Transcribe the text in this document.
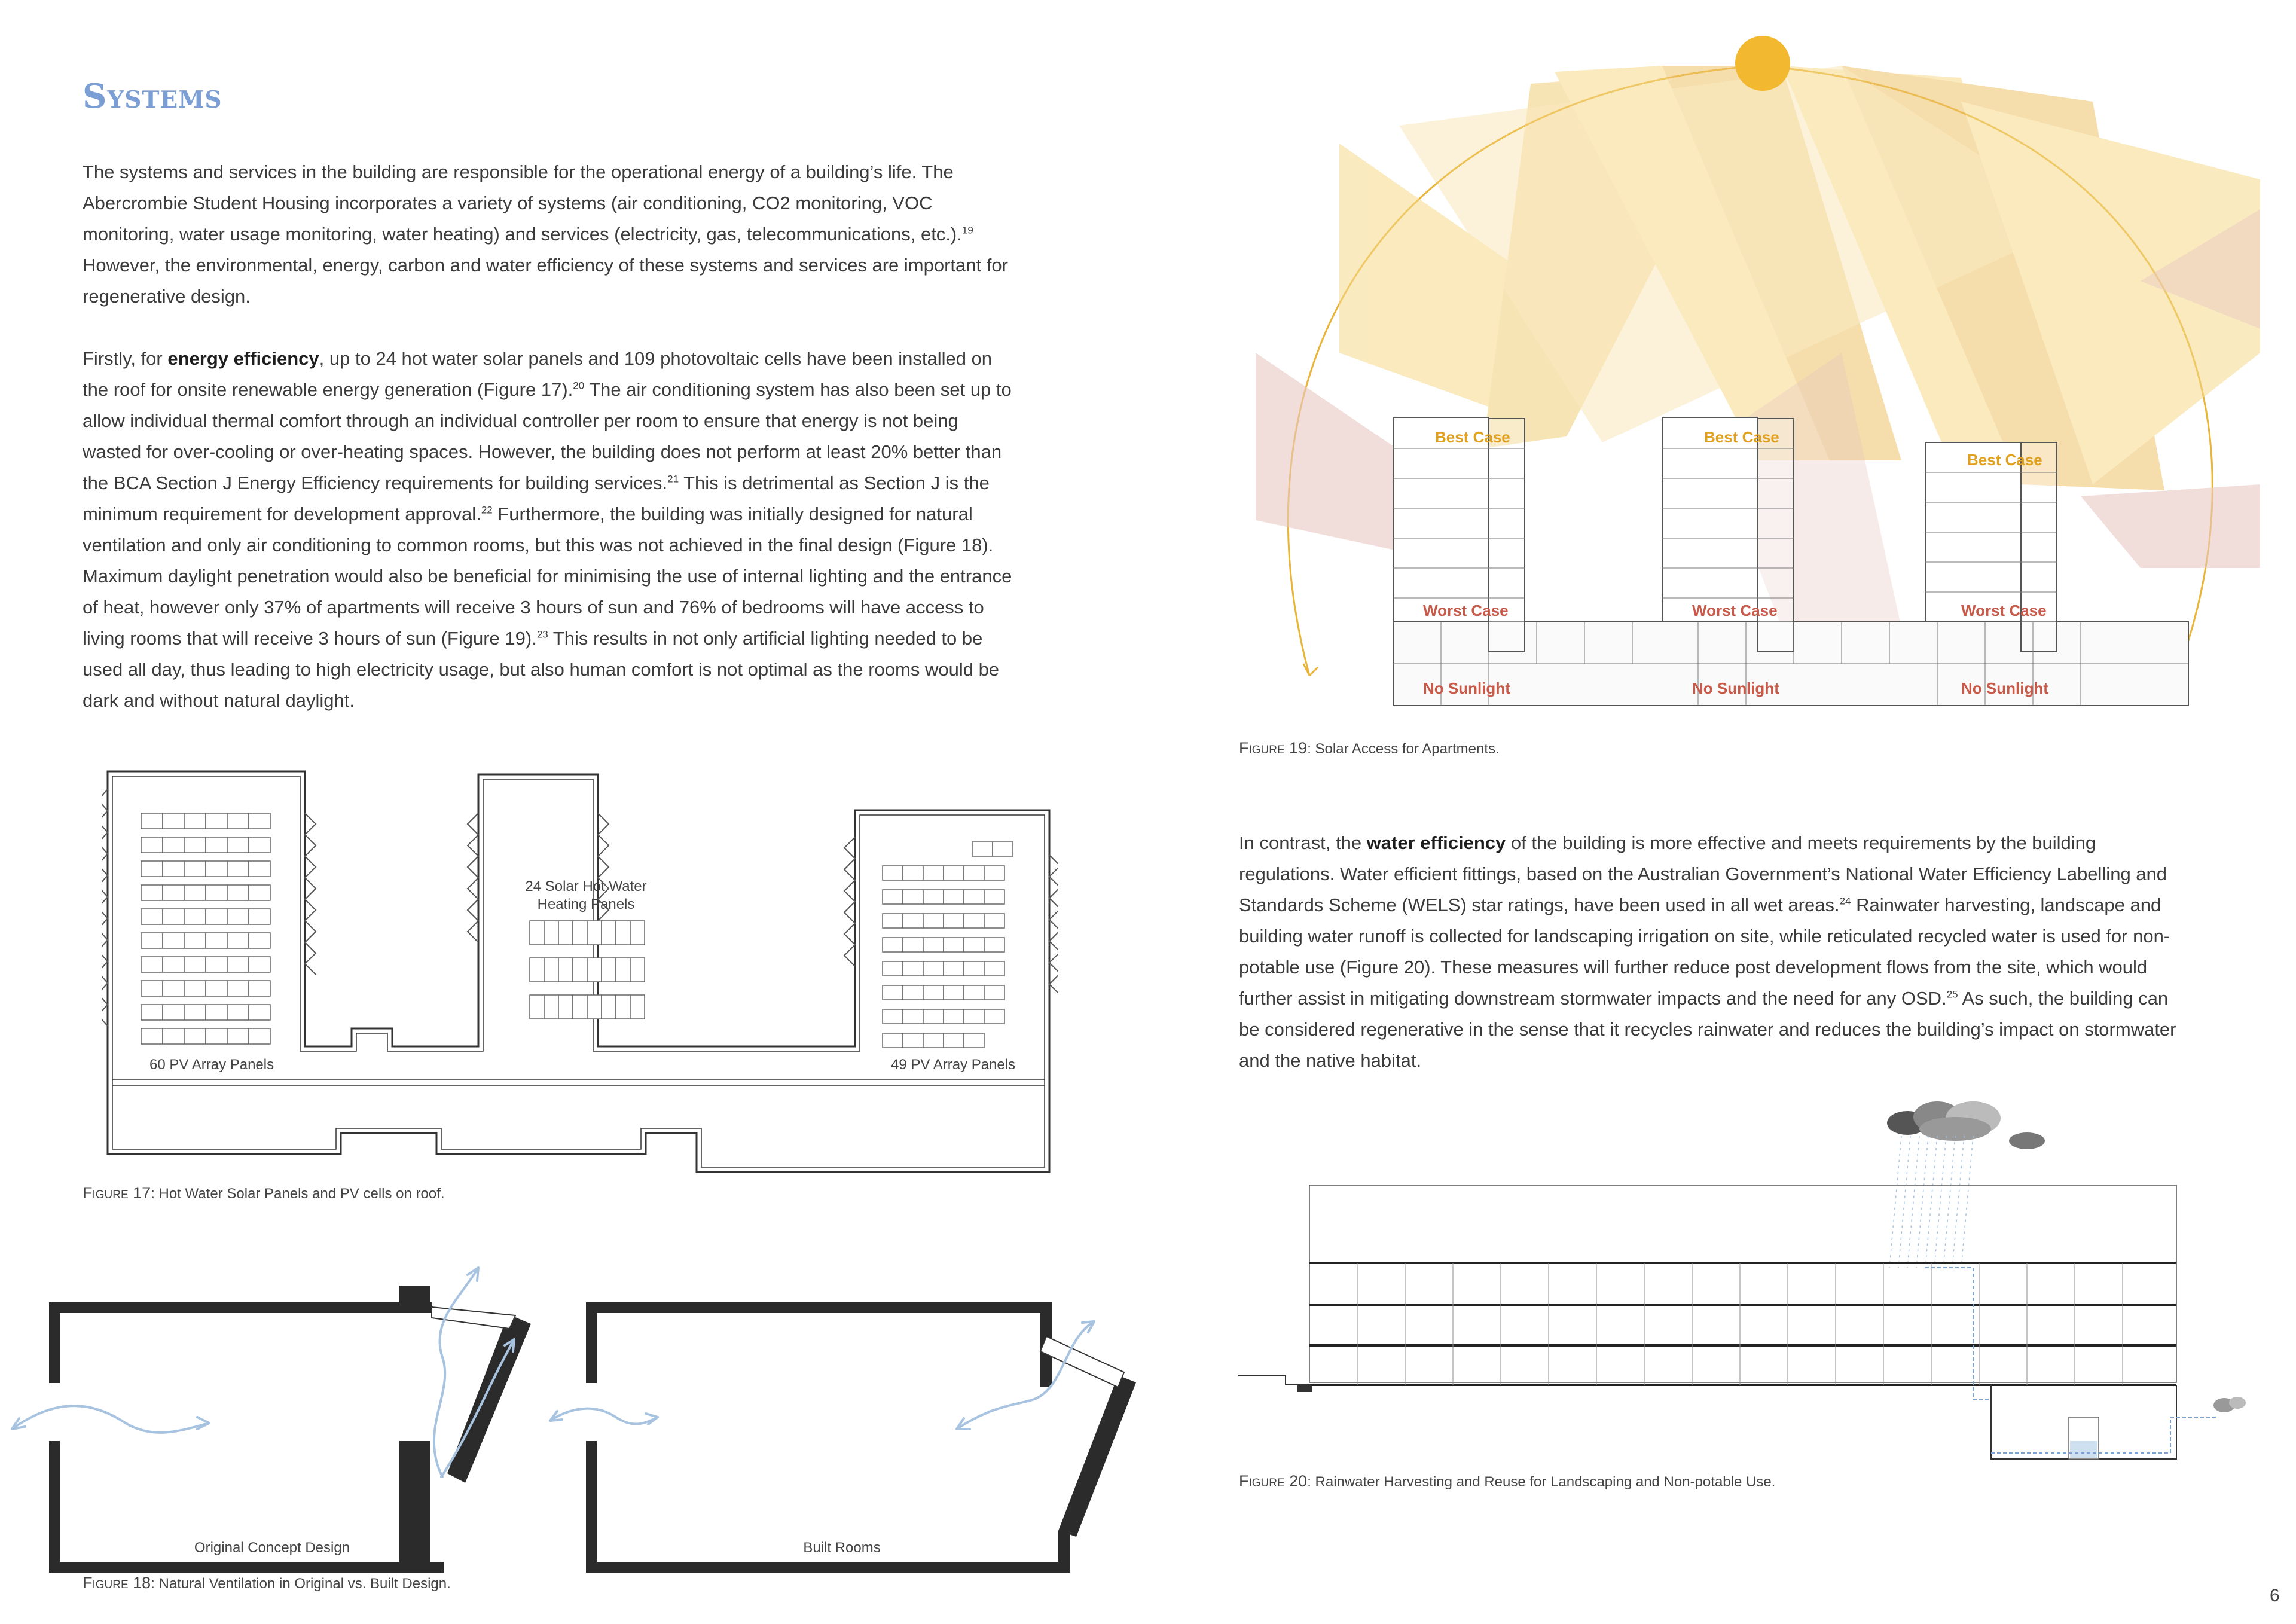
Systems
The systems and services in the building are responsible for the operational energy of a building’s life. The Abercrombie Student Housing incorporates a variety of systems (air conditioning, CO2 monitoring, VOC monitoring, water usage monitoring, water heating) and services (electricity, gas, telecommunications, etc.).$^{19}$ However, the environmental, energy, carbon and water efficiency of these systems and services are important for regenerative design.
Firstly, for energy efficiency, up to 24 hot water solar panels and 109 photovoltaic cells have been installed on the roof for onsite renewable energy generation (Figure 17).$^{20}$ The air conditioning system has also been set up to allow individual thermal comfort through an individual controller per room to ensure that energy is not being wasted for over-cooling or over-heating spaces. However, the building does not perform at least 20% better than the BCA Section J Energy Efficiency requirements for building services.$^{21}$ This is detrimental as Section J is the minimum requirement for development approval.$^{22}$ Furthermore, the building was initially designed for natural ventilation and only air conditioning to common rooms, but this was not achieved in the final design (Figure 18). Maximum daylight penetration would also be beneficial for minimising the use of internal lighting and the entrance of heat, however only 37% of apartments will receive 3 hours of sun and 76% of bedrooms will have access to living rooms that will receive 3 hours of sun (Figure 19).$^{23}$ This results in not only artificial lighting needed to be used all day, thus leading to high electricity usage, but also human comfort is not optimal as the rooms would be dark and without natural daylight.
In contrast, the water efficiency of the building is more effective and meets requirements by the building regulations. Water efficient fittings, based on the Australian Government’s National Water Efficiency Labelling and Standards Scheme (WELS) star ratings, have been used in all wet areas.$^{24}$ Rainwater harvesting, landscape and building water runoff is collected for landscaping irrigation on site, while reticulated recycled water is used for non-potable use (Figure 20). These measures will further reduce post development flows from the site, which would further assist in mitigating downstream stormwater impacts and the need for any OSD.$^{25}$ As such, the building can be considered regenerative in the sense that it recycles rainwater and reduces the building’s impact on stormwater and the native habitat.
24 Solar Hot Water
Heating Panels
60 PV Array Panels	49 PV Array Panels
Figure 17: Hot Water Solar Panels and PV cells on roof.
Original Concept Design	Built Rooms
Figure 18: Natural Ventilation in Original vs. Built Design.
Best Case	Best Case
Best Case
Worst Case	Worst Case	Worst Case
No Sunlight	No Sunlight	No Sunlight
Figure 19: Solar Access for Apartments.
Figure 20: Rainwater Harvesting and Reuse for Landscaping and Non-potable Use.
6
